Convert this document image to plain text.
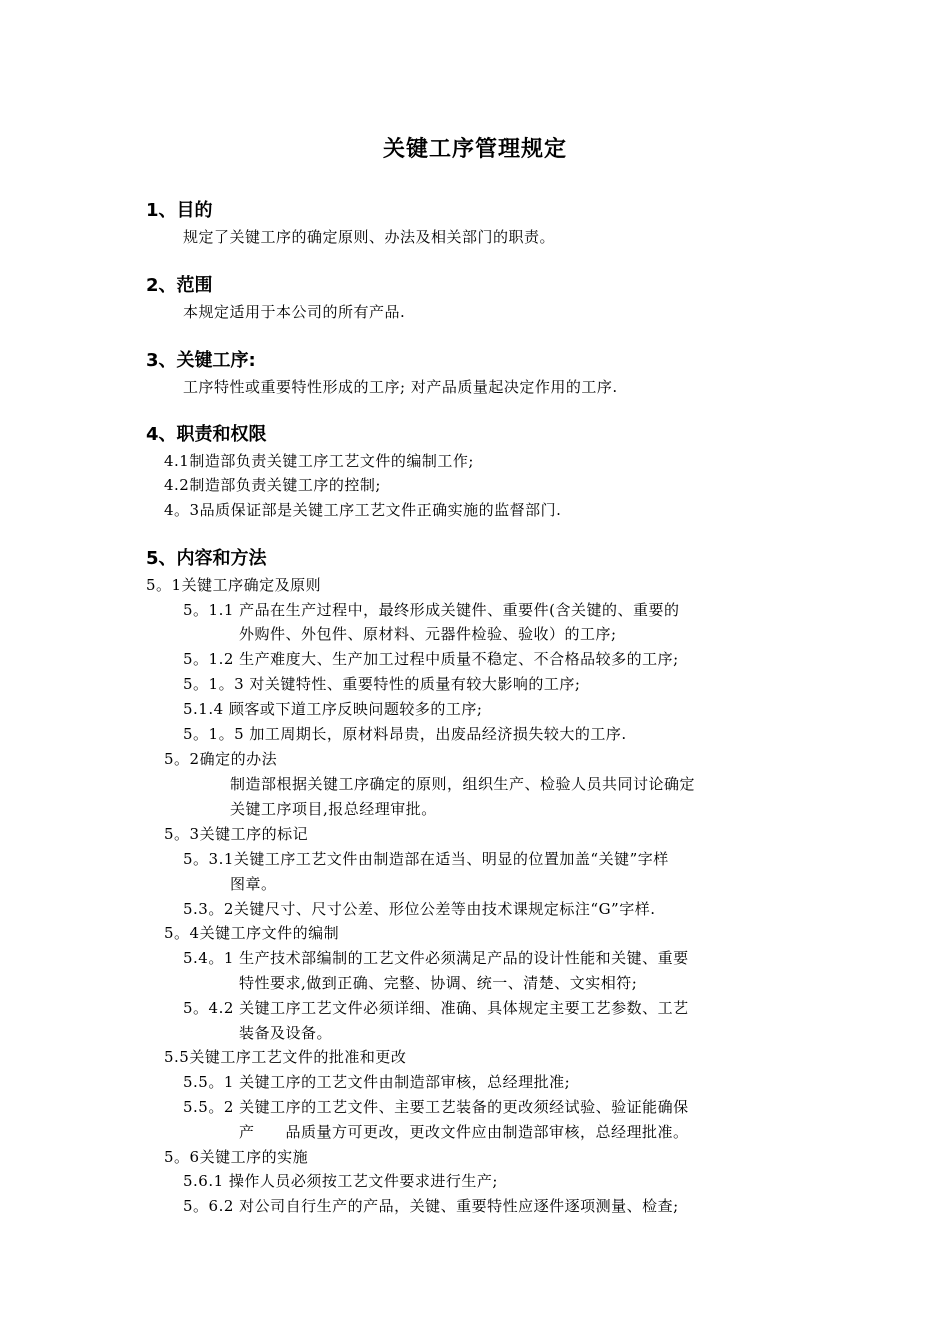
关键工序管理规定
1、目的
规定了关键工序的确定原则、办法及相关部门的职责。
2、范围
本规定适用于本公司的所有产品.
3、关键工序:
工序特性或重要特性形成的工序; 对产品质量起决定作用的工序.
4、职责和权限
4.1制造部负责关键工序工艺文件的编制工作;
4.2制造部负责关键工序的控制;
4。3品质保证部是关键工序工艺文件正确实施的监督部门.
5、内容和方法
5。1关键工序确定及原则
5。1.1 产品在生产过程中，最终形成关键件、重要件(含关键的、重要的
外购件、外包件、原材料、元器件检验、验收）的工序;
5。1.2 生产难度大、生产加工过程中质量不稳定、不合格品较多的工序;
5。1。3 对关键特性、重要特性的质量有较大影响的工序;
5.1.4 顾客或下道工序反映问题较多的工序;
5。1。5 加工周期长，原材料昂贵，出废品经济损失较大的工序.
5。2确定的办法
制造部根据关键工序确定的原则，组织生产、检验人员共同讨论确定
关键工序项目,报总经理审批。
5。3关键工序的标记
5。3.1关键工序工艺文件由制造部在适当、明显的位置加盖“关键”字样
图章。
5.3。2关键尺寸、尺寸公差、形位公差等由技术课规定标注“G”字样.
5。4关键工序文件的编制
5.4。1 生产技术部编制的工艺文件必须满足产品的设计性能和关键、重要
特性要求,做到正确、完整、协调、统一、清楚、文实相符;
5。4.2 关键工序工艺文件必须详细、准确、具体规定主要工艺参数、工艺
装备及设备。
5.5关键工序工艺文件的批准和更改
5.5。1 关键工序的工艺文件由制造部审核，总经理批准;
5.5。2 关键工序的工艺文件、主要工艺装备的更改须经试验、验证能确保
产　　品质量方可更改，更改文件应由制造部审核，总经理批准。
5。6关键工序的实施
5.6.1 操作人员必须按工艺文件要求进行生产;
5。6.2 对公司自行生产的产品，关键、重要特性应逐件逐项测量、检查;
